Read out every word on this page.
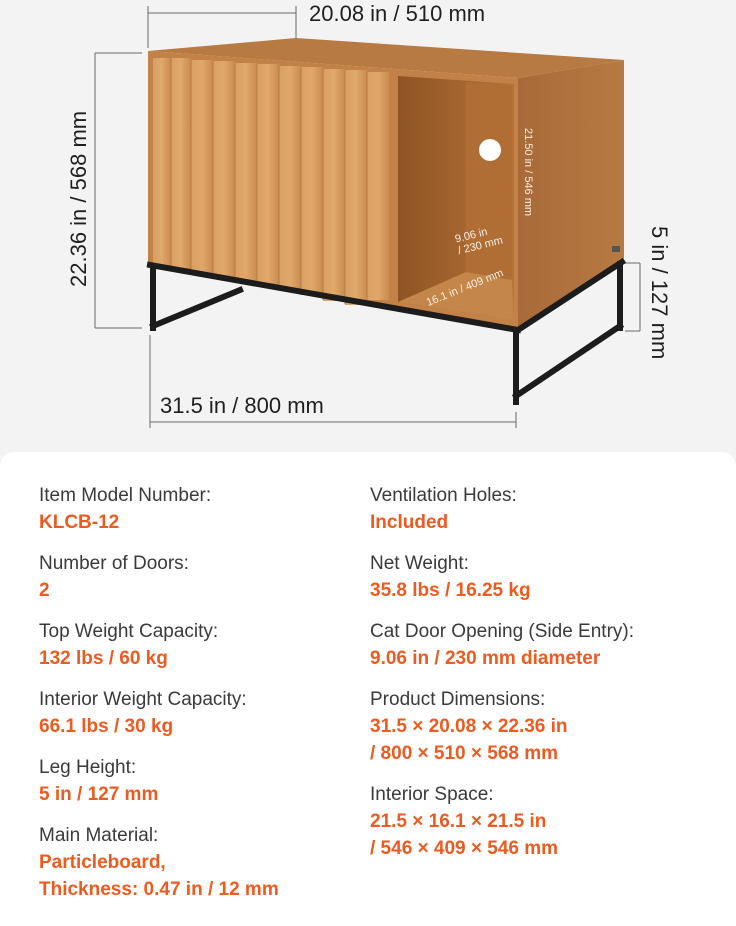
20.08 in / 510 mm
22.36 in / 568 mm
31.5 in / 800 mm
5 in / 127 mm
21.50 in / 546 mm
9.06 in
/ 230 mm
16.1 in / 409 mm
Item Model Number:
KLCB-12
Number of Doors:
2
Top Weight Capacity:
132 lbs / 60 kg
Interior Weight Capacity:
66.1 lbs / 30 kg
Leg Height:
5 in / 127 mm
Main Material:
Particleboard,
Thickness: 0.47 in / 12 mm
Ventilation Holes:
Included
Net Weight:
35.8 lbs / 16.25 kg
Cat Door Opening (Side Entry):
9.06 in / 230 mm diameter
Product Dimensions:
31.5 × 20.08 × 22.36 in
/ 800 × 510 × 568 mm
Interior Space:
21.5 × 16.1 × 21.5 in
/ 546 × 409 × 546 mm
